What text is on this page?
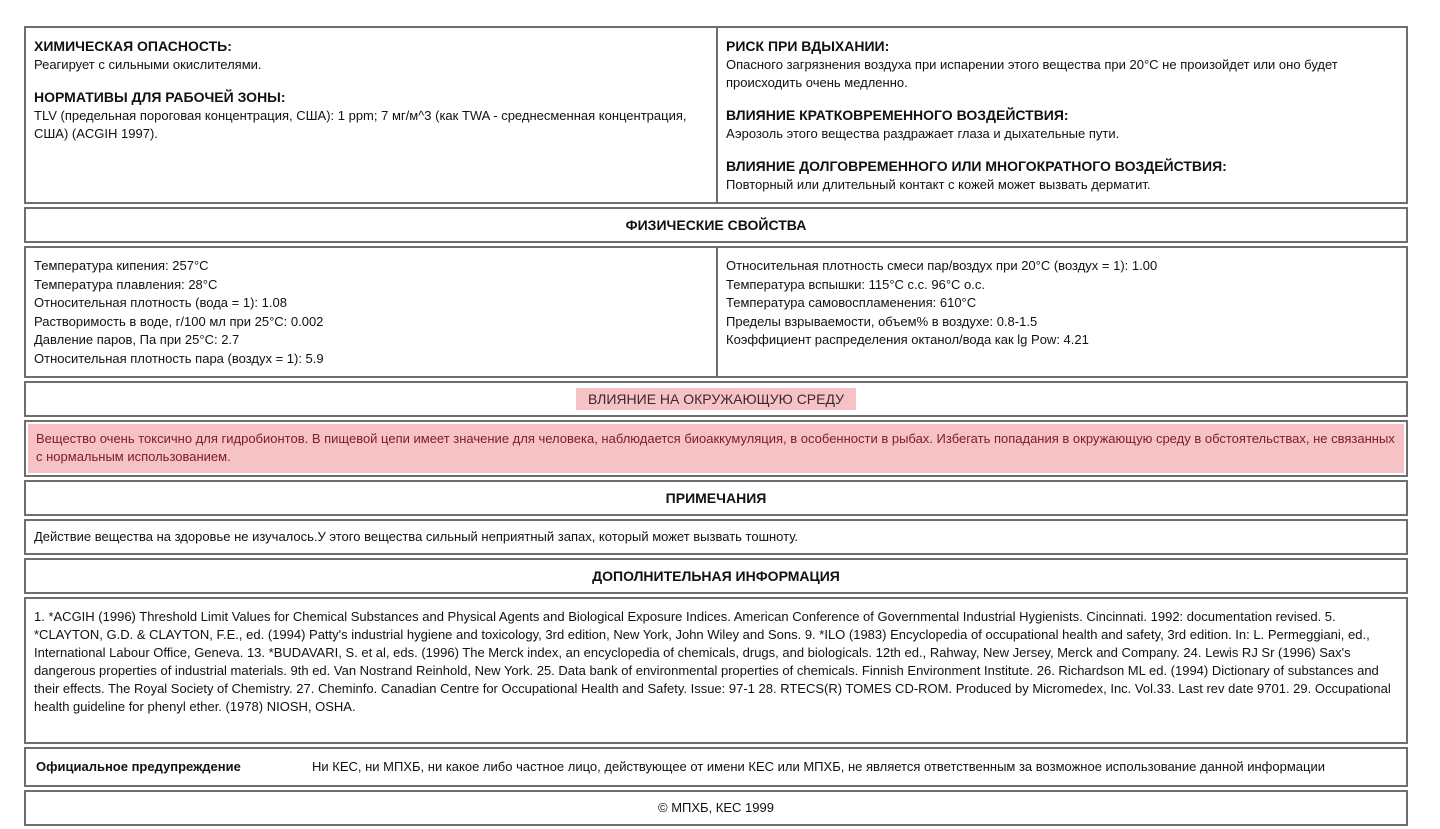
ХИМИЧЕСКАЯ ОПАСНОСТЬ:

Реагирует с сильными окислителями.

НОРМАТИВЫ ДЛЯ РАБОЧЕЙ ЗОНЫ:

TLV (предельная пороговая концентрация, США): 1 ppm; 7 мг/м^3 (как TWA - среднесменная концентрация, США) (ACGIH 1997).

РИСК ПРИ ВДЫХАНИИ:

Опасного загрязнения воздуха при испарении этого вещества при 20°C не произойдет или оно будет происходить очень медленно.

ВЛИЯНИЕ КРАТКОВРЕМЕННОГО ВОЗДЕЙСТВИЯ:

Аэрозоль этого вещества раздражает глаза и дыхательные пути.

ВЛИЯНИЕ ДОЛГОВРЕМЕННОГО ИЛИ МНОГОКРАТНОГО ВОЗДЕЙСТВИЯ:

Повторный или длительный контакт с кожей может вызвать дерматит.

ФИЗИЧЕСКИЕ СВОЙСТВА
Температура кипения: 257°C
Температура плавления: 28°C
Относительная плотность (вода = 1): 1.08
Растворимость в воде, г/100 мл при 25°C: 0.002
Давление паров, Па при 25°C: 2.7
Относительная плотность пара (воздух = 1): 5.9
Относительная плотность смеси пар/воздух при 20°C (воздух = 1): 1.00
Температура вспышки: 115°C c.c. 96°C o.c.
Температура самовоспламенения: 610°C
Пределы взрываемости, объем% в воздухе: 0.8-1.5
Коэффициент распределения октанол/вода как lg Pow: 4.21
ВЛИЯНИЕ НА ОКРУЖАЮЩУЮ СРЕДУ
Вещество очень токсично для гидробионтов. В пищевой цепи имеет значение для человека, наблюдается биоаккумуляция, в особенности в рыбах. Избегать попадания в окружающую среду в обстоятельствах, не связанных с нормальным использованием.
ПРИМЕЧАНИЯ
Действие вещества на здоровье не изучалось.У этого вещества сильный неприятный запах, который может вызвать тошноту.
ДОПОЛНИТЕЛЬНАЯ ИНФОРМАЦИЯ
1. *ACGIH (1996) Threshold Limit Values for Chemical Substances and Physical Agents and Biological Exposure Indices. American Conference of Governmental Industrial Hygienists. Cincinnati. 1992: documentation revised. 5. *CLAYTON, G.D. & CLAYTON, F.E., ed. (1994) Patty's industrial hygiene and toxicology, 3rd edition, New York, John Wiley and Sons. 9. *ILO (1983) Encyclopedia of occupational health and safety, 3rd edition. In: L. Permeggiani, ed., International Labour Office, Geneva. 13. *BUDAVARI, S. et al, eds. (1996) The Merck index, an encyclopedia of chemicals, drugs, and biologicals. 12th ed., Rahway, New Jersey, Merck and Company. 24. Lewis RJ Sr (1996) Sax's dangerous properties of industrial materials. 9th ed. Van Nostrand Reinhold, New York. 25. Data bank of environmental properties of chemicals. Finnish Environment Institute. 26. Richardson ML ed. (1994) Dictionary of substances and their effects. The Royal Society of Chemistry. 27. Cheminfo. Canadian Centre for Occupational Health and Safety. Issue: 97-1 28. RTECS(R) TOMES CD-ROM. Produced by Micromedex, Inc. Vol.33. Last rev date 9701. 29. Occupational health guideline for phenyl ether. (1978) NIOSH, OSHA.
Официальное предупреждение	Ни КЕС, ни МПХБ, ни какое либо частное лицо, действующее от имени КЕС или МПХБ, не является ответственным за возможное использование данной информации
© МПХБ, КЕС 1999
